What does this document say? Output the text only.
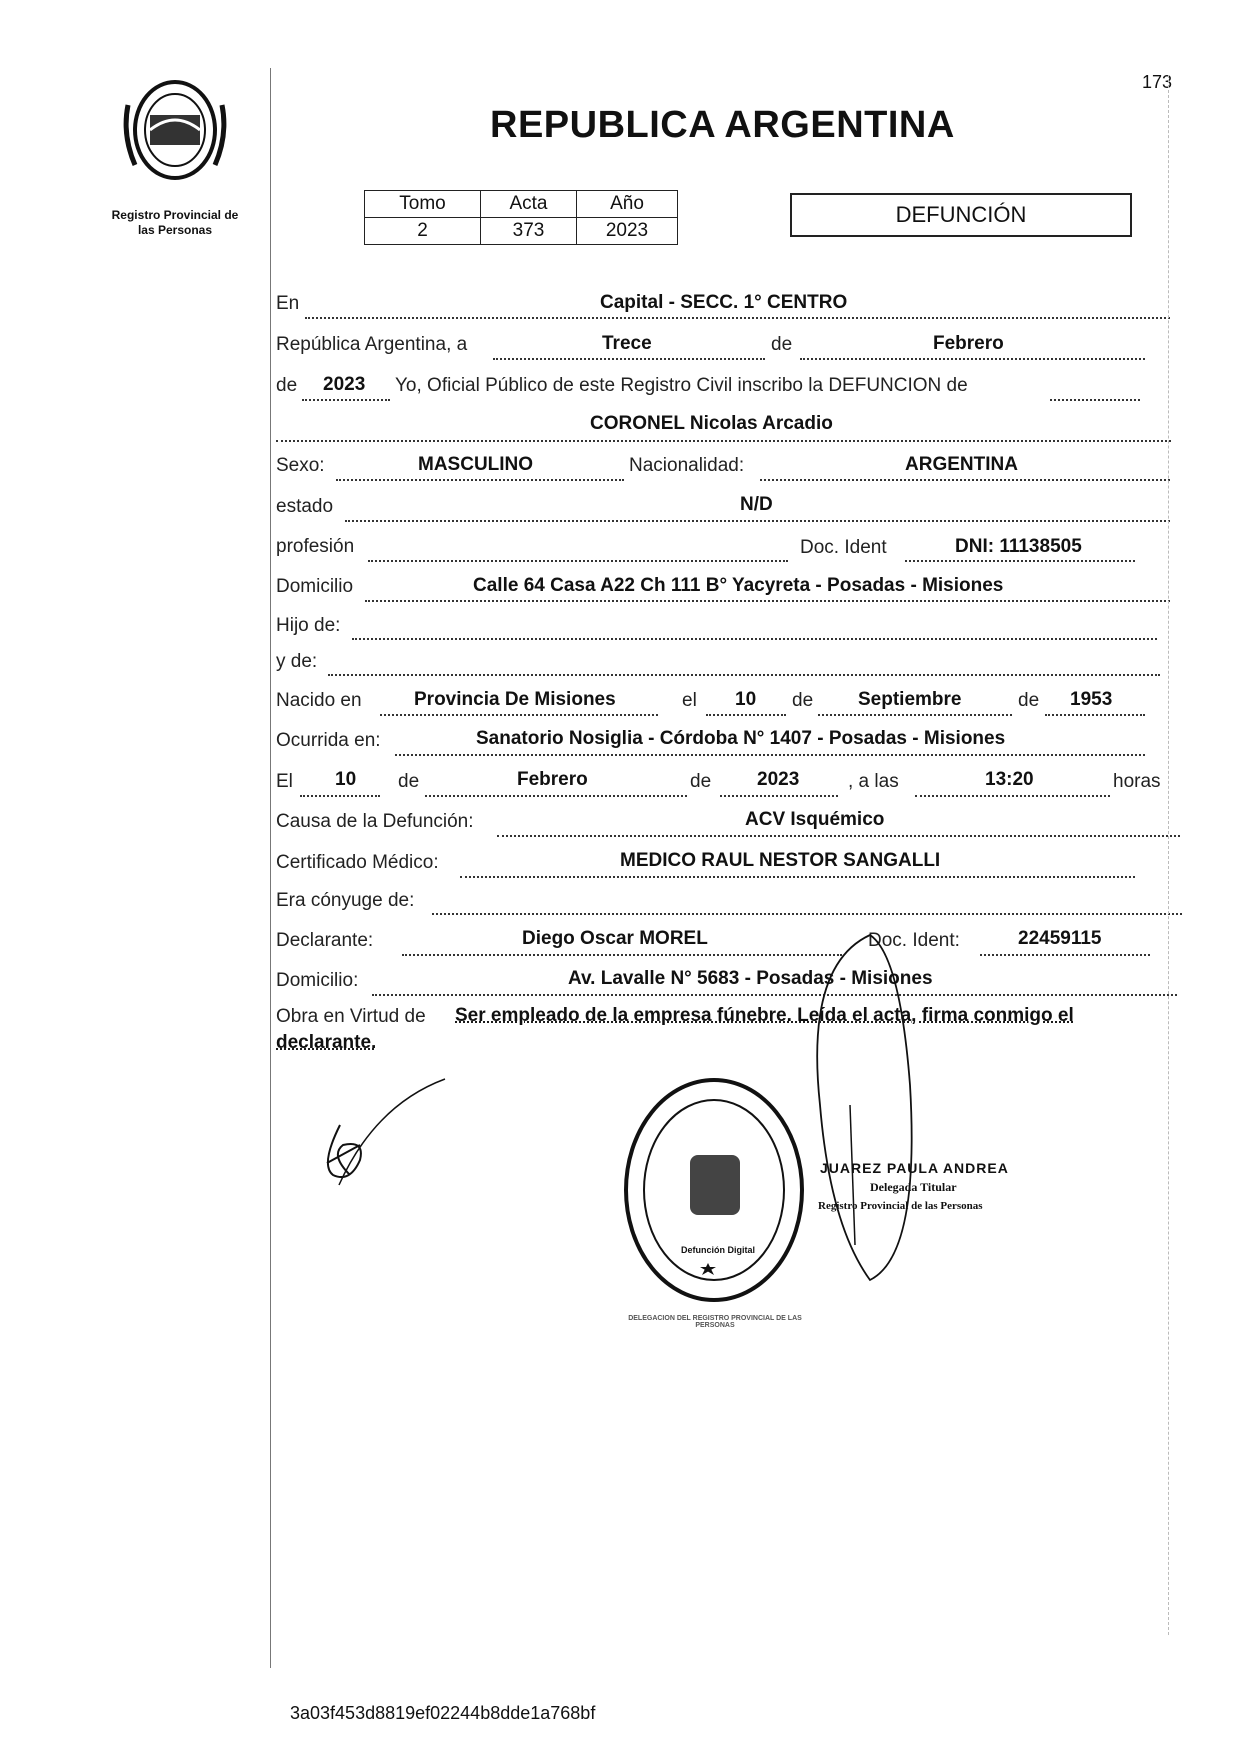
Registro Provincial de
las Personas
173
REPUBLICA ARGENTINA
Tomo	Acta	Año
2	373	2023
DEFUNCIÓN
En	Capital - SECC. 1° CENTRO
República Argentina, a	Trece	de	Febrero
de 2023 Yo, Oficial Público de este Registro Civil inscribo la DEFUNCION de
CORONEL Nicolas Arcadio
Sexo:	MASCULINO	Nacionalidad:	ARGENTINA
estado	N/D
profesión	Doc. Ident	DNI: 11138505
Domicilio	Calle 64 Casa A22 Ch 111 B° Yacyreta - Posadas - Misiones
Hijo de:
y de:
Nacido en	Provincia De Misiones	el 10 de Septiembre	de 1953
Ocurrida en:	Sanatorio Nosiglia - Córdoba N° 1407 - Posadas - Misiones
El 10 de	Febrero	de 2023	, a las	13:20	horas
Causa de la Defunción:	ACV Isquémico
Certificado Médico:	MEDICO RAUL NESTOR SANGALLI
Era cónyuge de:
Declarante:	Diego Oscar MOREL	Doc. Ident:	22459115
Domicilio:	Av. Lavalle N° 5683 - Posadas - Misiones
Obra en Virtud de Ser empleado de la empresa fúnebre. Leída el acta, firma conmigo el
declarante.
DELEGACION DEL REGISTRO PROVINCIAL DE LAS PERSONAS
Defunción Digital
JUAREZ PAULA ANDREA
Delegada Titular
Registro Provincial de las Personas
3a03f453d8819ef02244b8dde1a768bf
